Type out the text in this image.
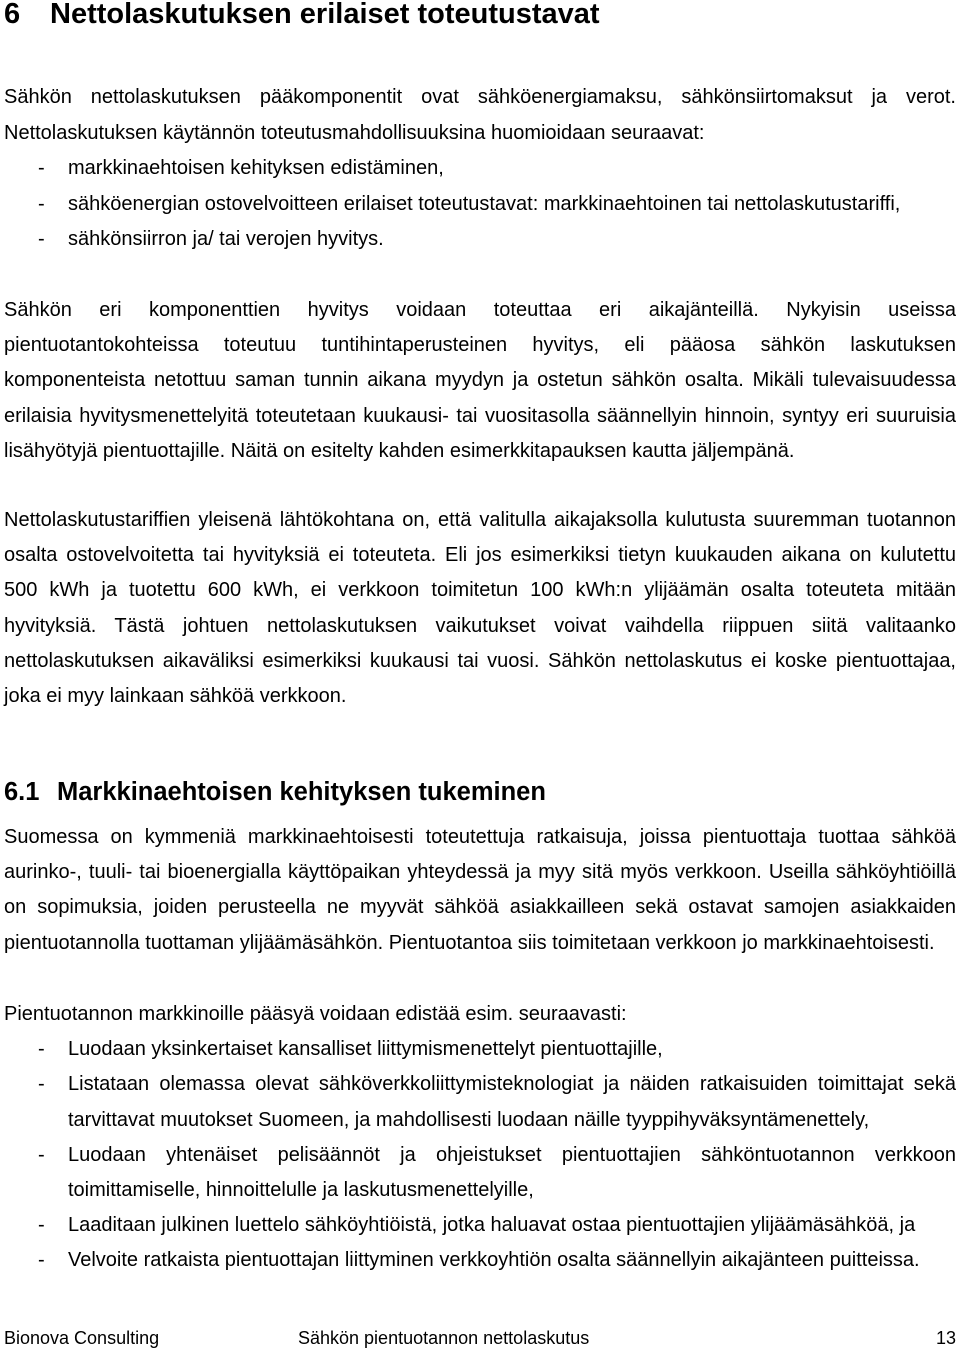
6 Nettolaskutuksen erilaiset toteutustavat
Sähkön nettolaskutuksen pääkomponentit ovat sähköenergiamaksu, sähkönsiirtomaksut ja verot.
Nettolaskutuksen käytännön toteutusmahdollisuuksina huomioidaan seuraavat:
- markkinaehtoisen kehityksen edistäminen,
- sähköenergian ostovelvoitteen erilaiset toteutustavat: markkinaehtoinen tai nettolaskutustariffi,
- sähkönsiirron ja/ tai verojen hyvitys.
Sähkön eri komponenttien hyvitys voidaan toteuttaa eri aikajänteillä. Nykyisin useissa
pientuotantokohteissa toteutuu tuntihintaperusteinen hyvitys, eli pääosa sähkön laskutuksen
komponenteista netottuu saman tunnin aikana myydyn ja ostetun sähkön osalta. Mikäli tulevaisuudessa
erilaisia hyvitysmenettelyitä toteutetaan kuukausi- tai vuositasolla säännellyin hinnoin, syntyy eri suuruisia
lisähyötyjä pientuottajille. Näitä on esitelty kahden esimerkkitapauksen kautta jäljempänä.
Nettolaskutustariffien yleisenä lähtökohtana on, että valitulla aikajaksolla kulutusta suuremman tuotannon
osalta ostovelvoitetta tai hyvityksiä ei toteuteta. Eli jos esimerkiksi tietyn kuukauden aikana on kulutettu
500 kWh ja tuotettu 600 kWh, ei verkkoon toimitetun 100 kWh:n ylijäämän osalta toteuteta mitään
hyvityksiä. Tästä johtuen nettolaskutuksen vaikutukset voivat vaihdella riippuen siitä valitaanko
nettolaskutuksen aikaväliksi esimerkiksi kuukausi tai vuosi. Sähkön nettolaskutus ei koske pientuottajaa,
joka ei myy lainkaan sähköä verkkoon.
6.1 Markkinaehtoisen kehityksen tukeminen
Suomessa on kymmeniä markkinaehtoisesti toteutettuja ratkaisuja, joissa pientuottaja tuottaa sähköä
aurinko-, tuuli- tai bioenergialla käyttöpaikan yhteydessä ja myy sitä myös verkkoon. Useilla sähköyhtiöillä
on sopimuksia, joiden perusteella ne myyvät sähköä asiakkailleen sekä ostavat samojen asiakkaiden
pientuotannolla tuottaman ylijäämäsähkön. Pientuotantoa siis toimitetaan verkkoon jo markkinaehtoisesti.
Pientuotannon markkinoille pääsyä voidaan edistää esim. seuraavasti:
- Luodaan yksinkertaiset kansalliset liittymismenettelyt pientuottajille,
- Listataan olemassa olevat sähköverkkoliittymisteknologiat ja näiden ratkaisuiden toimittajat sekä
tarvittavat muutokset Suomeen, ja mahdollisesti luodaan näille tyyppihyväksyntämenettely,
- Luodaan yhtenäiset pelisäännöt ja ohjeistukset pientuottajien sähköntuotannon verkkoon
toimittamiselle, hinnoittelulle ja laskutusmenettelyille,
- Laaditaan julkinen luettelo sähköyhtiöistä, jotka haluavat ostaa pientuottajien ylijäämäsähköä, ja
- Velvoite ratkaista pientuottajan liittyminen verkkoyhtiön osalta säännellyin aikajänteen puitteissa.
Bionova Consulting	Sähkön pientuotannon nettolaskutus	13
